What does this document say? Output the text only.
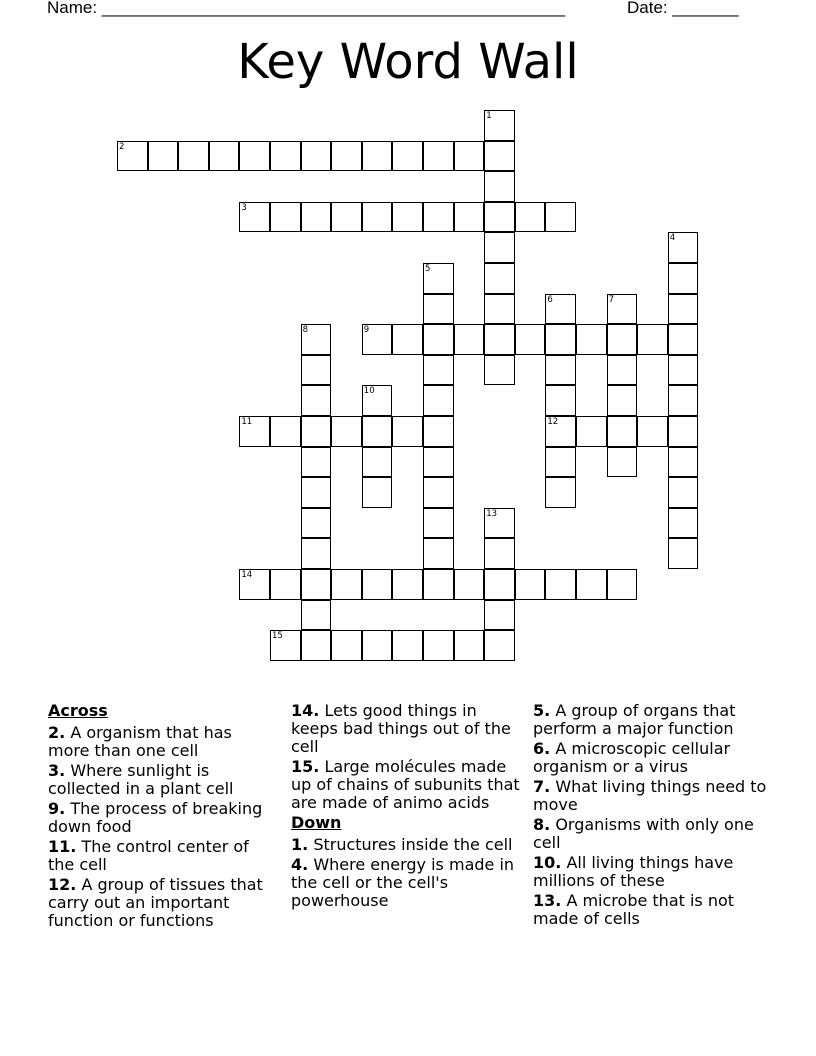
Name: _________________________________________________	Date: _______
Key Word Wall
1
2
3
4
5
6	7
8	9
10
11	12
13
14
15
Across
2. A organism that has more than one cell
3. Where sunlight is collected in a plant cell
9. The process of breaking down food
11. The control center of the cell
12. A group of tissues that carry out an important function or functions
14. Lets good things in keeps bad things out of the cell
15. Large molécules made up of chains of subunits that are made of animo acids
Down
1. Structures inside the cell
4. Where energy is made in the cell or the cell's powerhouse
5. A group of organs that perform a major function
6. A microscopic cellular organism or a virus
7. What living things need to move
8. Organisms with only one cell
10. All living things have millions of these
13. A microbe that is not made of cells
